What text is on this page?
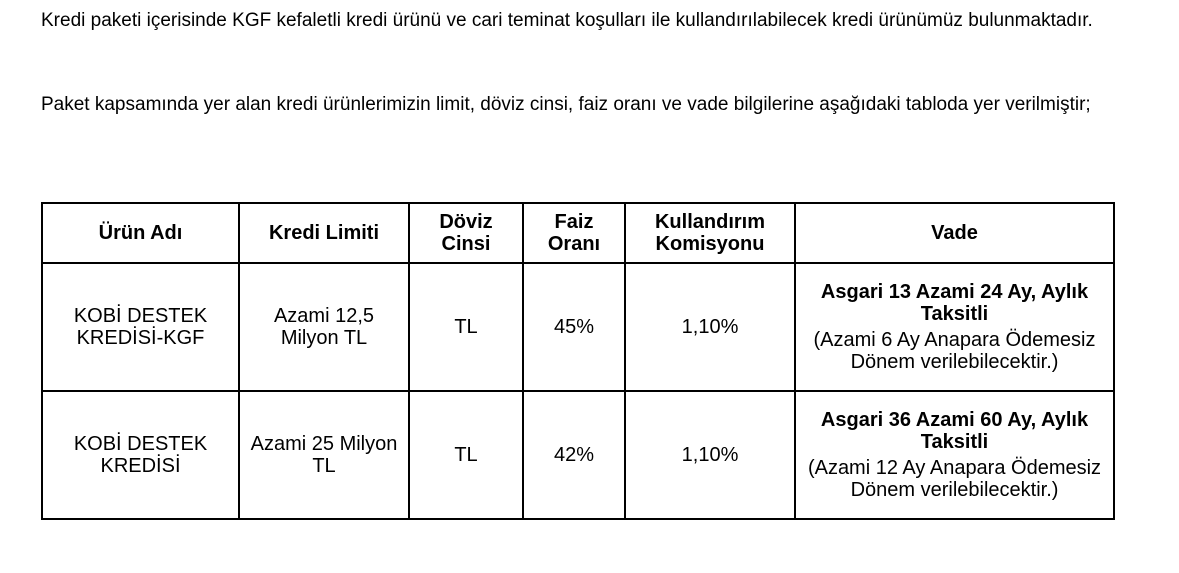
Kredi paketi içerisinde KGF kefaletli kredi ürünü ve cari teminat koşulları ile kullandırılabilecek kredi ürünümüz bulunmaktadır.

Paket kapsamında yer alan kredi ürünlerimizin limit, döviz cinsi, faiz oranı ve vade bilgilerine aşağıdaki tabloda yer verilmiştir;

Ürün Adı	Kredi Limiti	Döviz Cinsi	Faiz Oranı	Kullandırım Komisyonu	Vade
KOBİ DESTEK KREDİSİ-KGF	Azami 12,5 Milyon TL	TL	45%	1,10%	Asgari 13 Azami 24 Ay, Aylık Taksitli
(Azami 6 Ay Anapara Ödemesiz Dönem verilebilecektir.)

KOBİ DESTEK KREDİSİ	Azami 25 Milyon TL	TL	42%	1,10%	Asgari 36 Azami 60 Ay, Aylık Taksitli
(Azami 12 Ay Anapara Ödemesiz Dönem verilebilecektir.)
